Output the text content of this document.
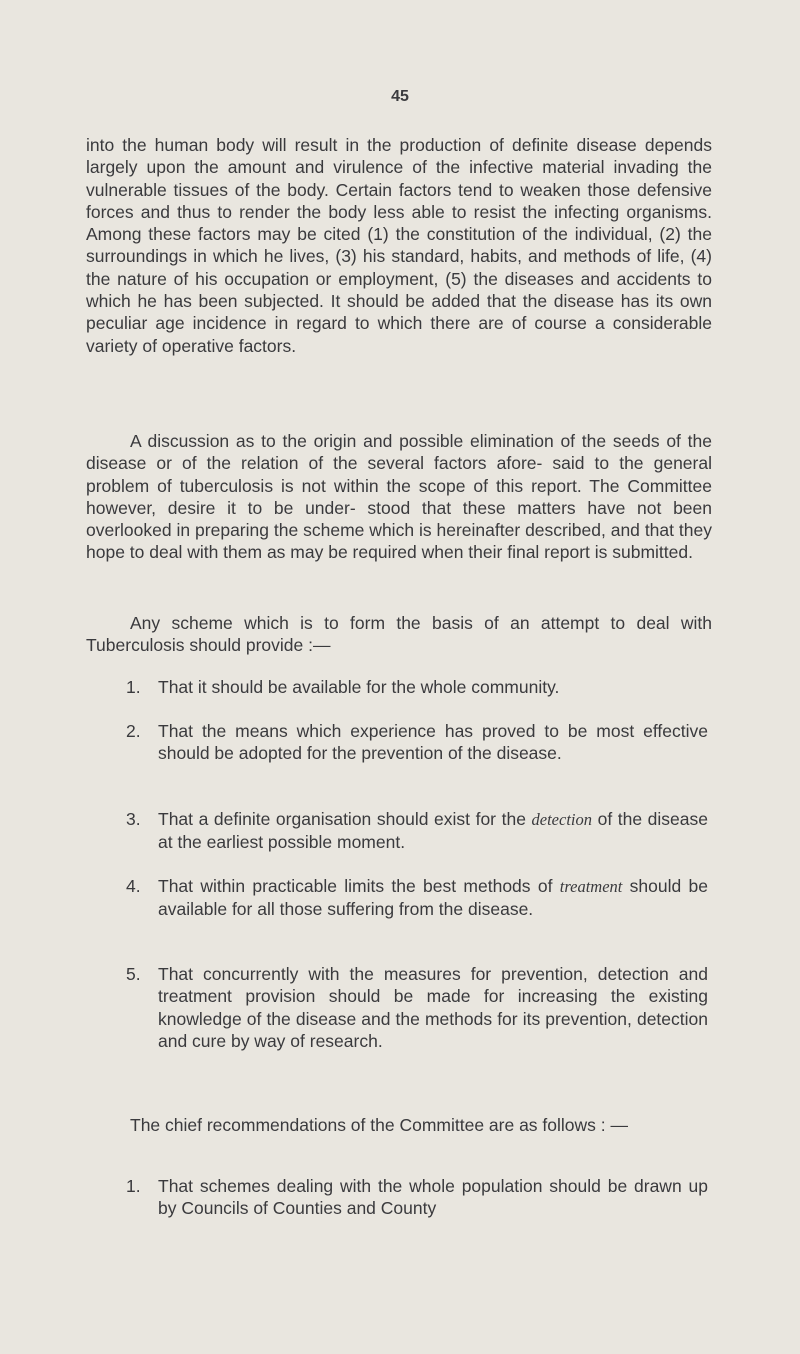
45

into the human body will result in the production of definite disease depends largely upon the amount and virulence of the infective material invading the vulnerable tissues of the body. Certain factors tend to weaken those defensive forces and thus to render the body less able to resist the infecting organisms. Among these factors may be cited (1) the constitution of the individual, (2) the surroundings in which he lives, (3) his standard, habits, and methods of life, (4) the nature of his occupation or employment, (5) the diseases and accidents to which he has been subjected. It should be added that the disease has its own peculiar age incidence in regard to which there are of course a considerable variety of operative factors.

A discussion as to the origin and possible elimination of the seeds of the disease or of the relation of the several factors afore- said to the general problem of tuberculosis is not within the scope of this report. The Committee however, desire it to be under- stood that these matters have not been overlooked in preparing the scheme which is hereinafter described, and that they hope to deal with them as may be required when their final report is submitted.

Any scheme which is to form the basis of an attempt to deal with Tuberculosis should provide :—

1. That it should be available for the whole community.
2. That the means which experience has proved to be most effective should be adopted for the prevention of the disease.
3. That a definite organisation should exist for the detection of the disease at the earliest possible moment.
4. That within practicable limits the best methods of treatment should be available for all those suffering from the disease.
5. That concurrently with the measures for prevention, detection and treatment provision should be made for increasing the existing knowledge of the disease and the methods for its prevention, detection and cure by way of research.

The chief recommendations of the Committee are as follows : —

1. That schemes dealing with the whole population should be drawn up by Councils of Counties and County
